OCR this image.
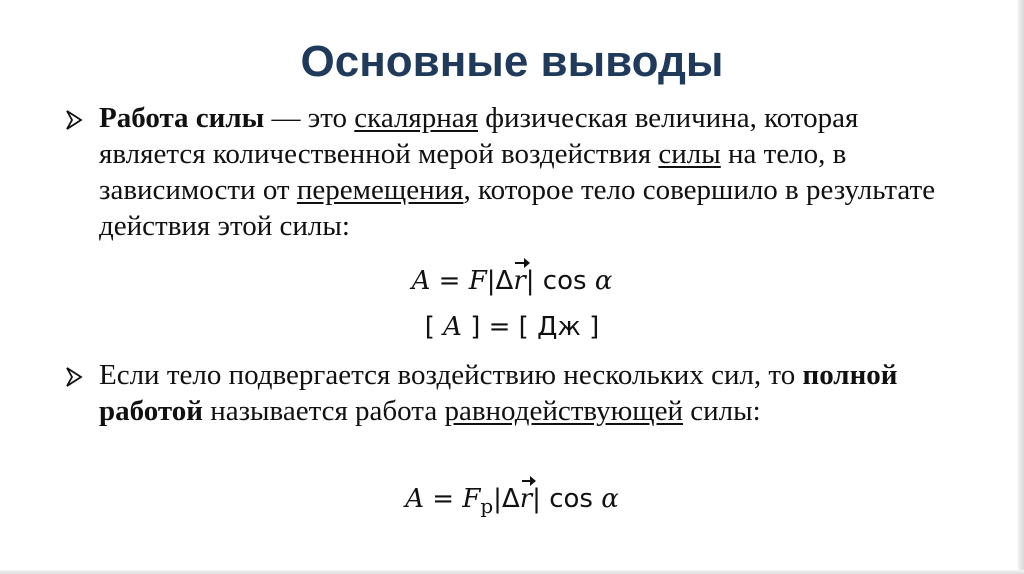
Основные выводы
Работа силы — это скалярная физическая величина, которая является количественной мерой воздействия силы на тело, в зависимости от перемещения, которое тело совершило в результате действия этой силы:
A = F|Δr| cos α
[ A ] = [ Дж ]
Если тело подвергается воздействию нескольких сил, то полной работой называется работа равнодействующей силы:
$A = F_р|\Delta r|$ cos α
